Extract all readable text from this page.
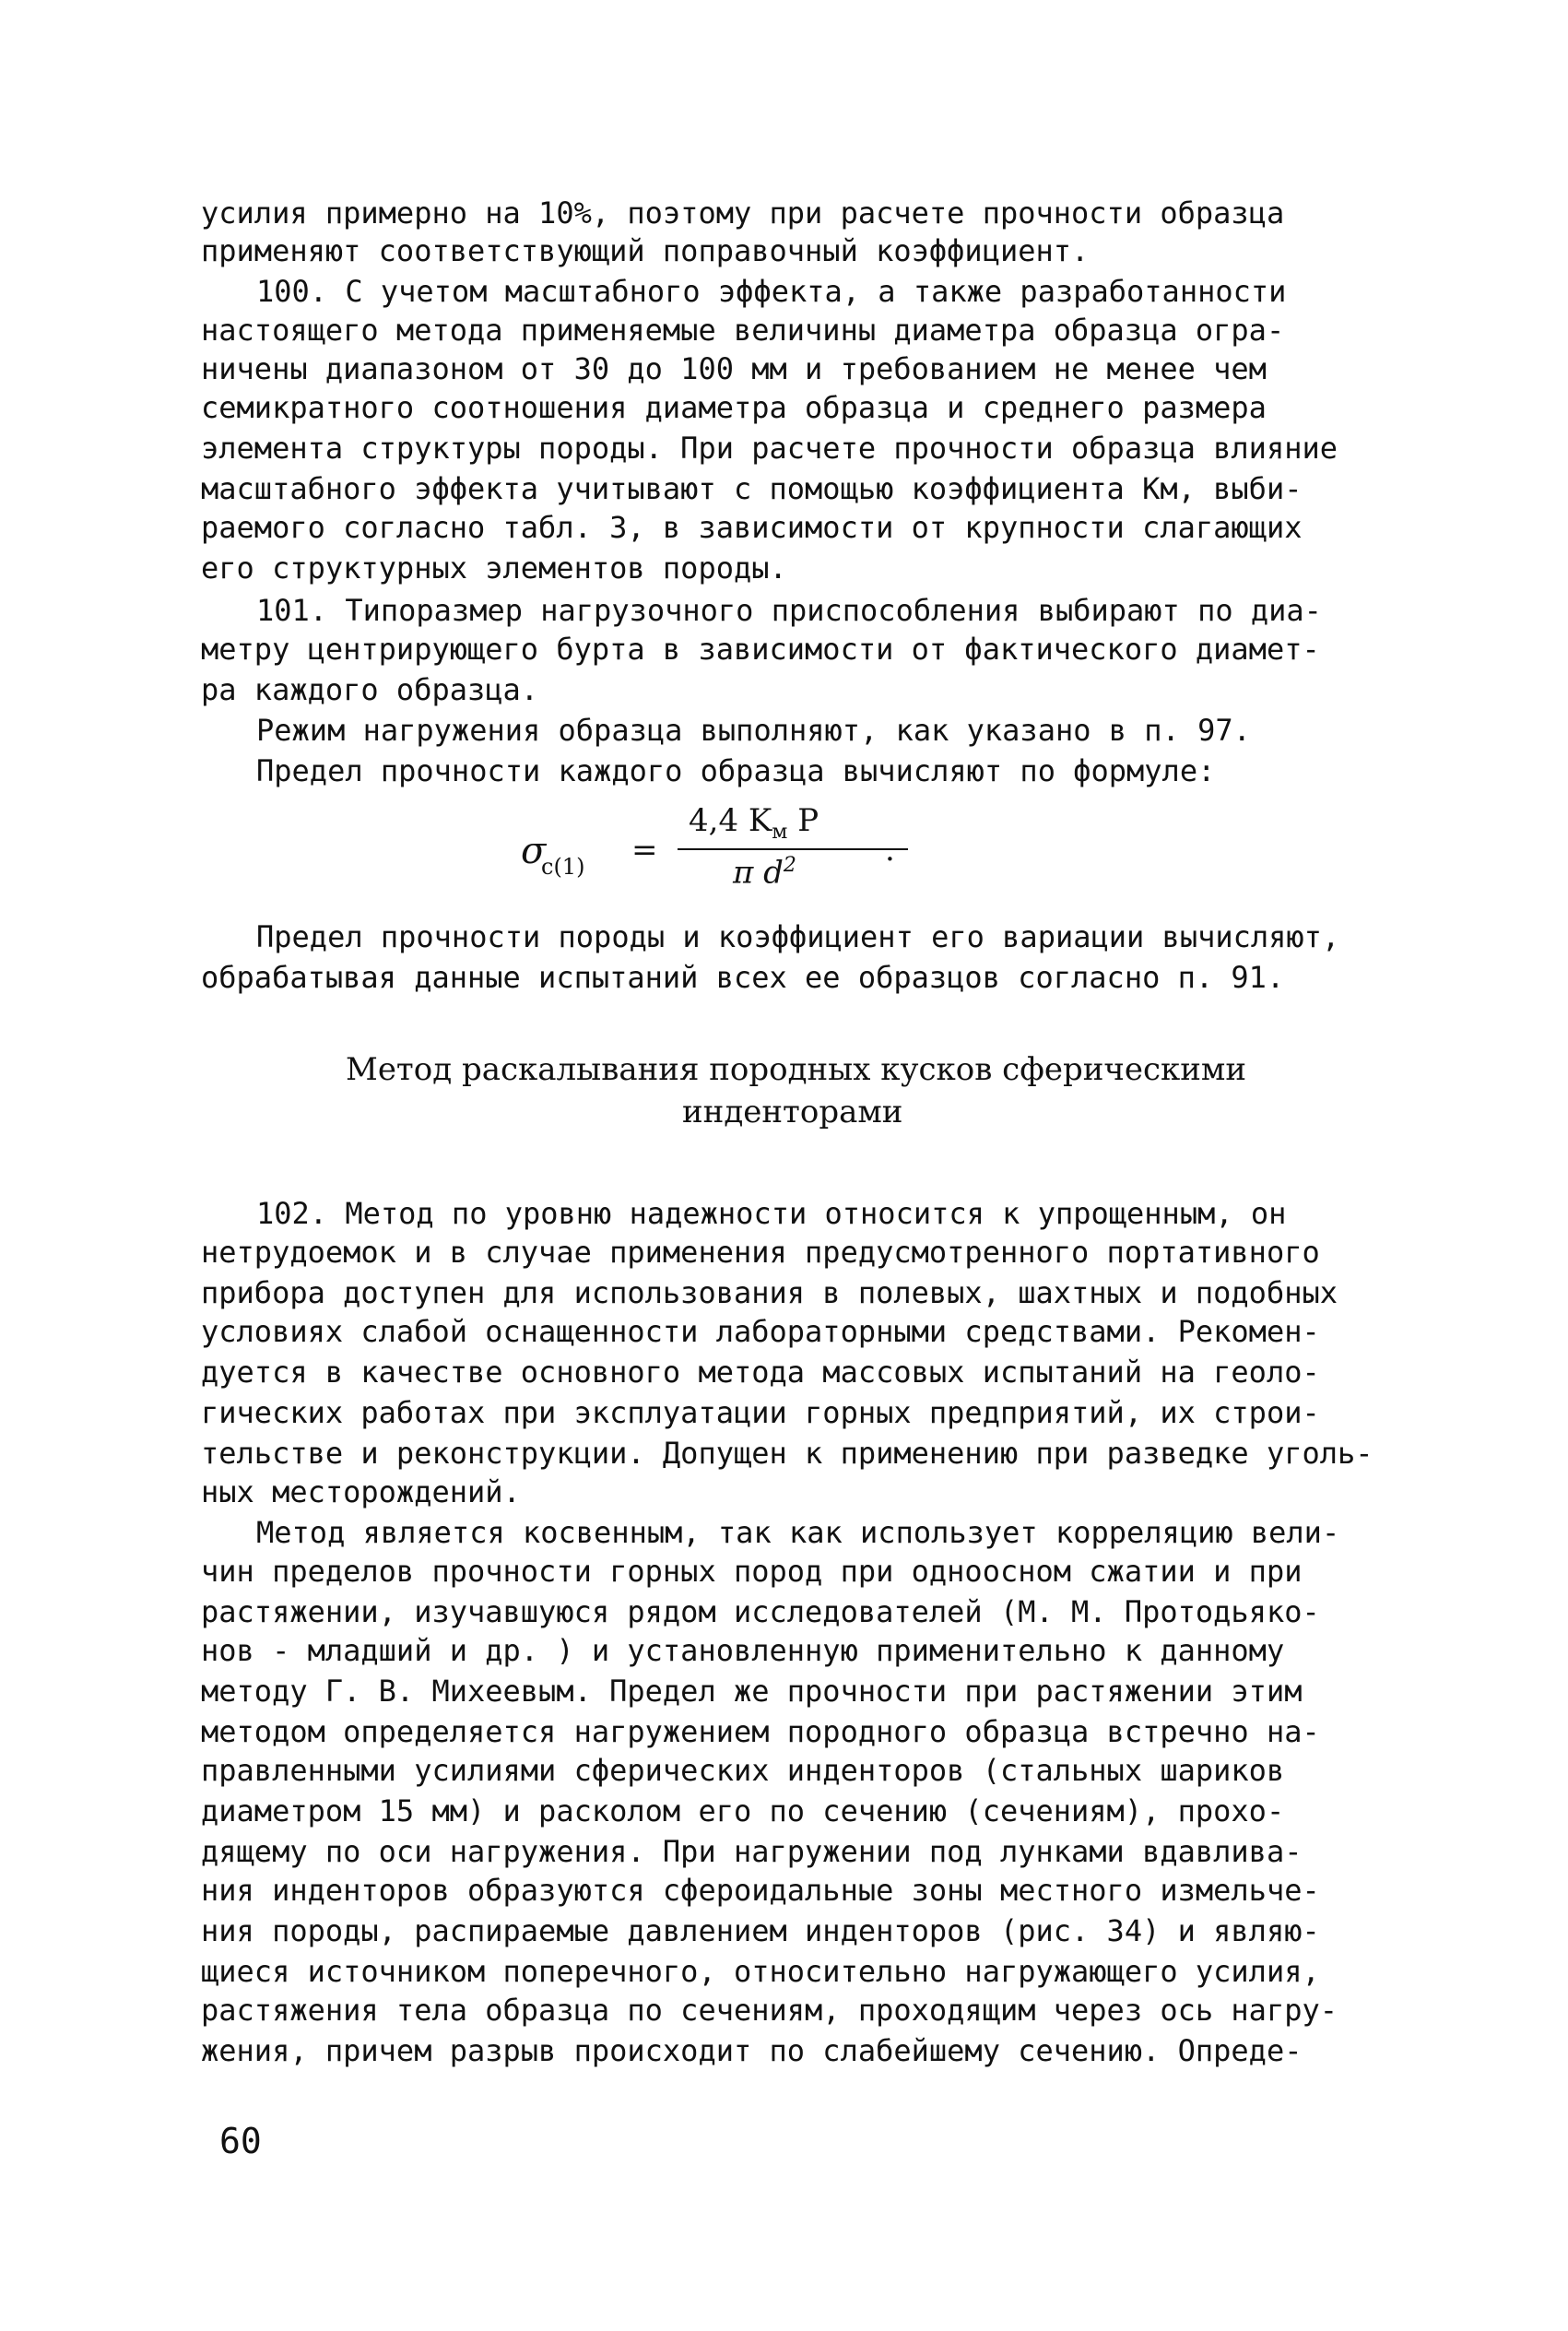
усилия примерно на 10%, поэтому при расчете прочности образца

применяют соответствующий поправочный коэффициент.

100. С учетом масштабного эффекта, а также разработанности

настоящего метода применяемые величины диаметра образца огра-

ничены диапазоном от 30 до 100 мм и требованием не менее чем

семикратного соотношения диаметра образца и среднего размера

элемента структуры породы. При расчете прочности образца влияние

масштабного эффекта учитывают с помощью коэффициента Kм, выби-

раемого согласно табл. 3, в зависимости от крупности слагающих

его структурных элементов породы.

101. Типоразмер нагрузочного приспособления выбирают по диа-

метру центрирующего бурта в зависимости от фактического диамет-

ра каждого образца.

Режим нагружения образца выполняют, как указано в п. 97.

Предел прочности каждого образца вычисляют по формуле:

σ
с(1) =
4,4 $K_м$ P
π $d^2$	.

Предел прочности породы и коэффициент его вариации вычисляют,

обрабатывая данные испытаний всех ее образцов согласно п. 91.

Метод раскалывания породных кусков сферическими

инденторами

102. Метод по уровню надежности относится к упрощенным, он

нетрудоемок и в случае применения предусмотренного портативного

прибора доступен для использования в полевых, шахтных и подобных

условиях слабой оснащенности лабораторными средствами. Рекомен-

дуется в качестве основного метода массовых испытаний на геоло-

гических работах при эксплуатации горных предприятий, их строи-

тельстве и реконструкции. Допущен к применению при разведке уголь-

ных месторождений.

Метод является косвенным, так как использует корреляцию вели-

чин пределов прочности горных пород при одноосном сжатии и при

растяжении, изучавшуюся рядом исследователей (М. М. Протодьяко-

нов - младший и др. ) и установленную применительно к данному

методу Г. В. Михеевым. Предел же прочности при растяжении этим

методом определяется нагружением породного образца встречно на-

правленными усилиями сферических инденторов (стальных шариков

диаметром 15 мм) и расколом его по сечению (сечениям), прохо-

дящему по оси нагружения. При нагружении под лунками вдавлива-

ния инденторов образуются сфероидальные зоны местного измельче-

ния породы, распираемые давлением инденторов (рис. 34) и являю-

щиеся источником поперечного, относительно нагружающего усилия,

растяжения тела образца по сечениям, проходящим через ось нагру-

жения, причем разрыв происходит по слабейшему сечению. Опреде-

60
